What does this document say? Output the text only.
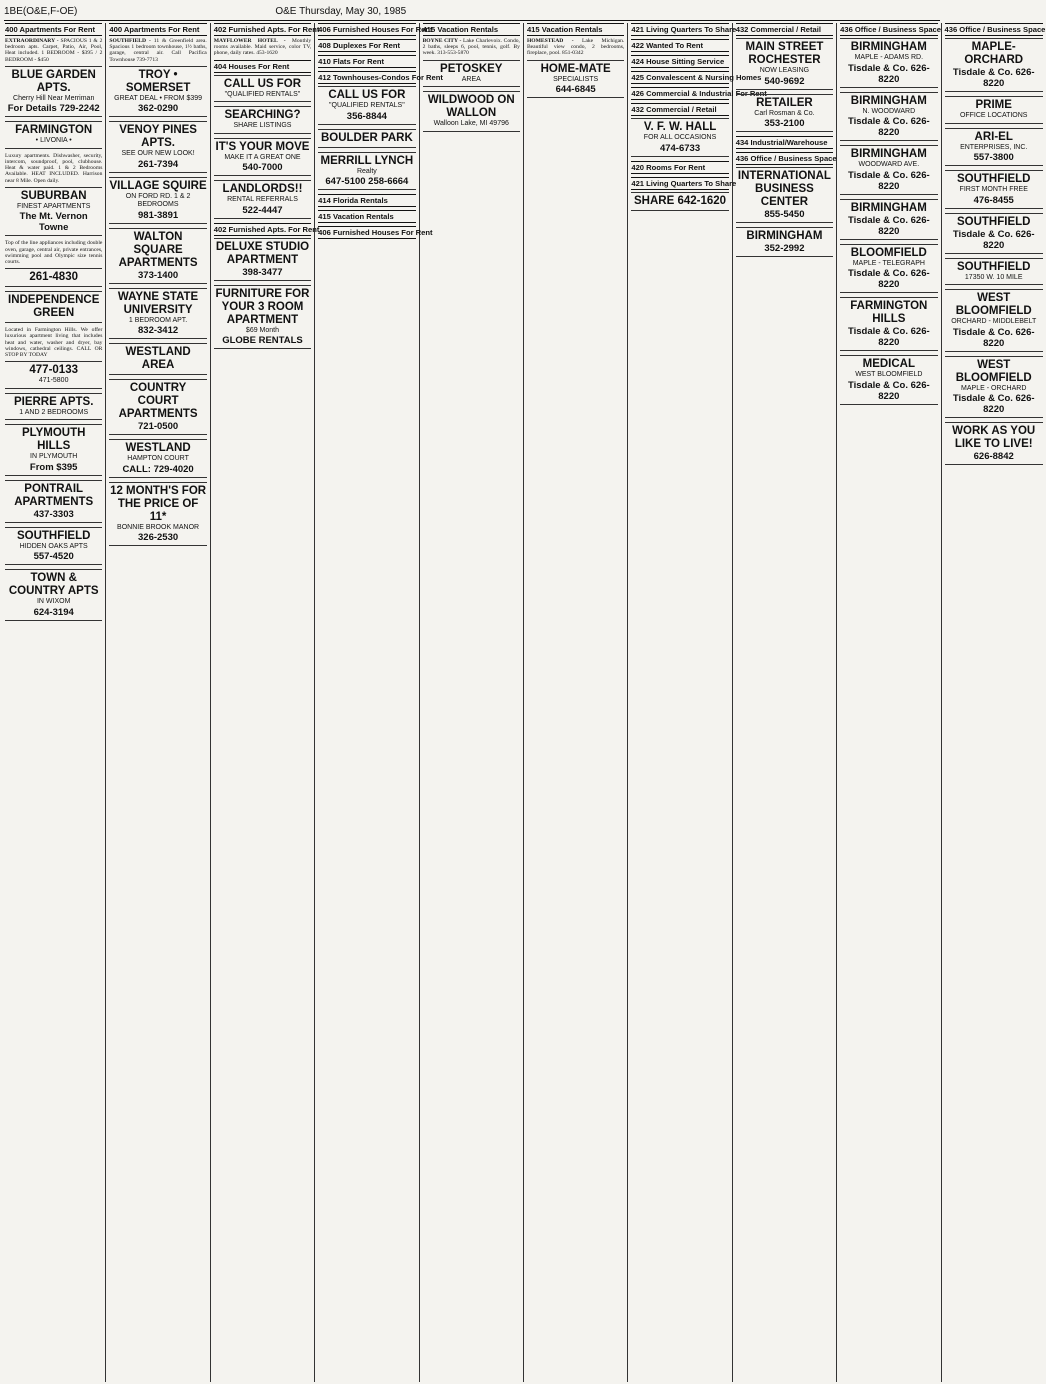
1BE(O&E,F-OE)	O&E Thursday, May 30, 1985
400 Apartments For Rent
EXTRAORDINARY - SPACIOUS 1 & 2 bedroom apts. Carpet, Patio, Air, Pool, Heat included. 1 BEDROOM - $395 / 2 BEDROOM - $450
BLUE GARDEN APTS.
Cherry Hill Near Merriman
For Details 729-2242
FARMINGTON
• LIVONIA •
Luxury apartments. Dishwasher, security, intercom, soundproof, pool, clubhouse. Heat & water paid. 1 & 2 Bedrooms Available. HEAT INCLUDED. Harrison near 8 Mile. Open daily.
SUBURBAN
FINEST APARTMENTS
The Mt. Vernon Towne
Top of the line appliances including double oven, garage, central air, private entrances, swimming pool and Olympic size tennis courts.
261-4830
INDEPENDENCE GREEN
Located in Farmington Hills. We offer luxurious apartment living that includes heat and water, washer and dryer, bay windows, cathedral ceilings. CALL OR STOP BY TODAY
477-0133
471-5800
PIERRE APTS.
1 AND 2 BEDROOMS
PLYMOUTH HILLS
IN PLYMOUTH
From $395
PONTRAIL APARTMENTS
437-3303
SOUTHFIELD
HIDDEN OAKS APTS
557-4520
TOWN & COUNTRY APTS
IN WIXOM
624-3194
400 Apartments For Rent
SOUTHFIELD - 11 & Greenfield area. Spacious 1 bedroom townhouse, 1½ baths, garage, central air. Call Pacifica Townhouse 739-7713
TROY • SOMERSET
GREAT DEAL • FROM $399
362-0290
VENOY PINES APTS.
SEE OUR NEW LOOK!
261-7394
VILLAGE SQUIRE
ON FORD RD. 1 & 2 BEDROOMS
981-3891
WALTON SQUARE APARTMENTS
373-1400
WAYNE STATE UNIVERSITY
1 BEDROOM APT.
832-3412
WESTLAND AREA
COUNTRY COURT APARTMENTS
721-0500
WESTLAND
HAMPTON COURT
CALL: 729-4020
12 MONTH'S FOR THE PRICE OF 11*
BONNIE BROOK MANOR
326-2530
402 Furnished Apts. For Rent
MAYFLOWER HOTEL - Monthly rooms available. Maid service, color TV, phone, daily rates. 453-1620
404 Houses For Rent
CALL US FOR
"QUALIFIED RENTALS"
SEARCHING?
SHARE LISTINGS
IT'S YOUR MOVE
MAKE IT A GREAT ONE
540-7000
LANDLORDS!!
RENTAL REFERRALS
522-4447
402 Furnished Apts. For Rent
DELUXE STUDIO APARTMENT
398-3477
FURNITURE FOR YOUR 3 ROOM APARTMENT
$69 Month
GLOBE RENTALS
406 Furnished Houses For Rent
408 Duplexes For Rent
410 Flats For Rent
412 Townhouses-Condos For Rent
CALL US FOR
"QUALIFIED RENTALS"
356-8844
BOULDER PARK
MERRILL LYNCH
Realty
647-5100 258-6664
414 Florida Rentals
415 Vacation Rentals
406 Furnished Houses For Rent
415 Vacation Rentals
BOYNE CITY - Lake Charlevoix. Condo, 2 baths, sleeps 6, pool, tennis, golf. By week. 313-553-5870
PETOSKEY
AREA
WILDWOOD ON WALLON
Walloon Lake, MI 49796
415 Vacation Rentals
HOMESTEAD - Lake Michigan. Beautiful view condo, 2 bedrooms, fireplace, pool. 851-0342
HOME-MATE
SPECIALISTS
644-6845
421 Living Quarters To Share
422 Wanted To Rent
424 House Sitting Service
425 Convalescent & Nursing Homes
426 Commercial & Industrial For Rent
432 Commercial / Retail
V. F. W. HALL
FOR ALL OCCASIONS
474-6733
420 Rooms For Rent
421 Living Quarters To Share
SHARE 642-1620
432 Commercial / Retail
MAIN STREET ROCHESTER
NOW LEASING
540-9692
RETAILER
Carl Rosman & Co.
353-2100
434 Industrial/Warehouse
436 Office / Business Space
INTERNATIONAL BUSINESS CENTER
855-5450
BIRMINGHAM
352-2992
436 Office / Business Space
BIRMINGHAM
MAPLE - ADAMS RD.
Tisdale & Co. 626-8220
BIRMINGHAM
N. WOODWARD
Tisdale & Co. 626-8220
BIRMINGHAM
WOODWARD AVE.
Tisdale & Co. 626-8220
BIRMINGHAM
Tisdale & Co. 626-8220
BLOOMFIELD
MAPLE - TELEGRAPH
Tisdale & Co. 626-8220
FARMINGTON HILLS
Tisdale & Co. 626-8220
MEDICAL
WEST BLOOMFIELD
Tisdale & Co. 626-8220
436 Office / Business Space
MAPLE-ORCHARD
Tisdale & Co. 626-8220
PRIME
OFFICE LOCATIONS
ARI-EL
ENTERPRISES, INC.
557-3800
SOUTHFIELD
FIRST MONTH FREE
476-8455
SOUTHFIELD
Tisdale & Co. 626-8220
SOUTHFIELD
17350 W. 10 MILE
WEST BLOOMFIELD
ORCHARD - MIDDLEBELT
Tisdale & Co. 626-8220
WEST BLOOMFIELD
MAPLE - ORCHARD
Tisdale & Co. 626-8220
WORK AS YOU LIKE TO LIVE!
626-8842
